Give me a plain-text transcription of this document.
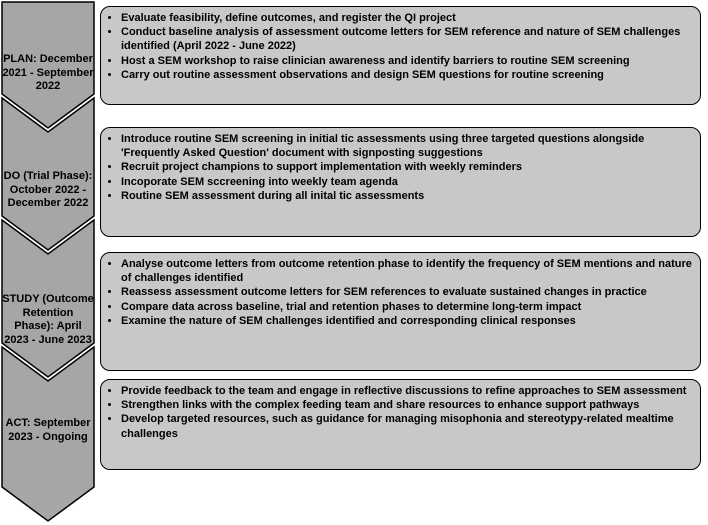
PLAN: December 2021 - September 2022
DO (Trial Phase): October 2022 - December 2022
STUDY (Outcome Retention Phase): April 2023 - June 2023
ACT: September 2023 - Ongoing
• Evaluate feasibility, define outcomes, and register the QI project
• Conduct baseline analysis of assessment outcome letters for SEM reference and nature of SEM challenges identified (April 2022 - June 2022)
• Host a SEM workshop to raise clinician awareness and identify barriers to routine SEM screening
• Carry out routine assessment observations and design SEM questions for routine screening
• Introduce routine SEM screening in initial tic assessments using three targeted questions alongside 'Frequently Asked Question' document with signposting suggestions
• Recruit project champions to support implementation with weekly reminders
• Incoporate SEM sccreening into weekly team agenda
• Routine SEM assessment during all inital tic assessments
• Analyse outcome letters from outcome retention phase to identify the frequency of SEM mentions and nature of challenges identified
• Reassess assessment outcome letters for SEM references to evaluate sustained changes in practice
• Compare data across baseline, trial and retention phases to determine long-term impact
• Examine the nature of SEM challenges identified and corresponding clinical responses
• Provide feedback to the team and engage in reflective discussions to refine approaches to SEM assessment
• Strengthen links with the complex feeding team and share resources to enhance support pathways
• Develop targeted resources, such as guidance for managing misophonia and stereotypy-related mealtime challenges
